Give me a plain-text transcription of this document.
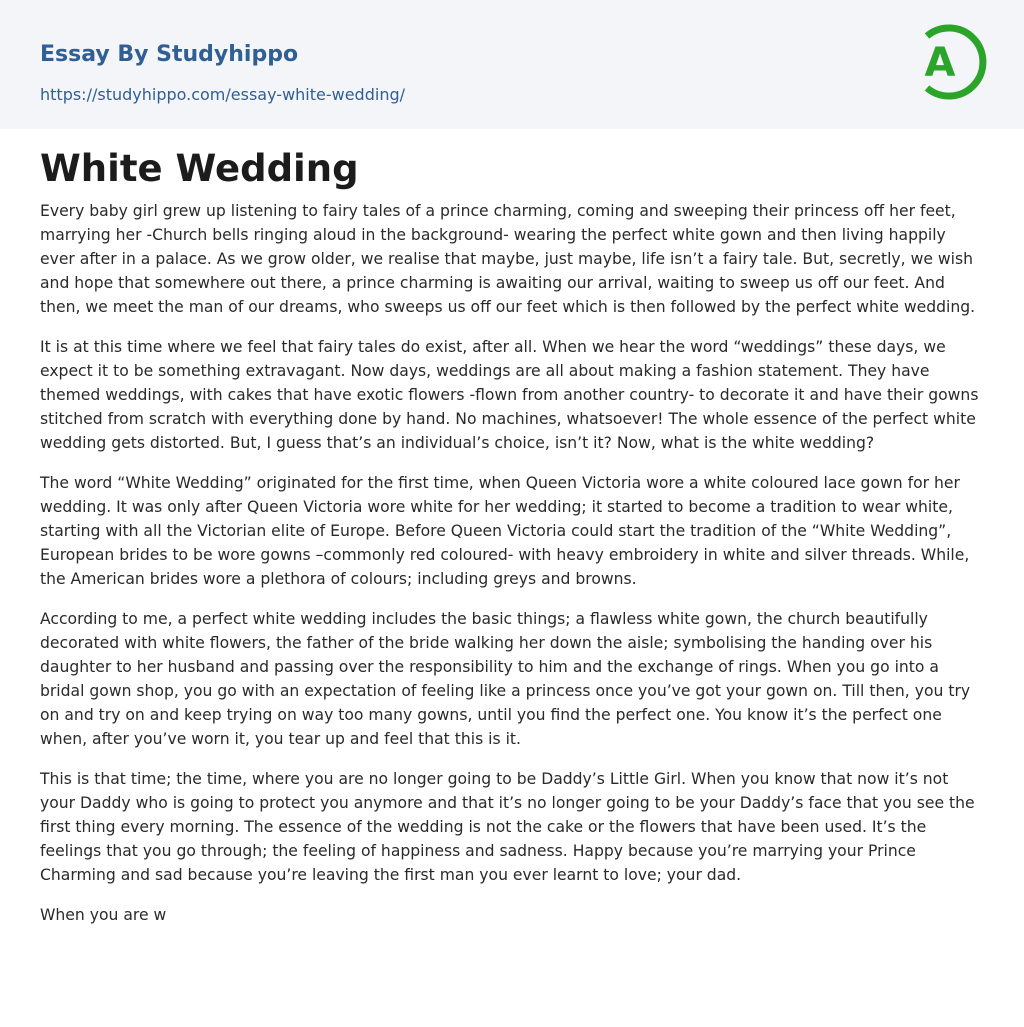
Essay By Studyhippo
https://studyhippo.com/essay-white-wedding/
A
White Wedding

Every baby girl grew up listening to fairy tales of a prince charming, coming and sweeping their princess off her feet, marrying her -Church bells ringing aloud in the background- wearing the perfect white gown and then living happily ever after in a palace. As we grow older, we realise that maybe, just maybe, life isn’t a fairy tale. But, secretly, we wish and hope that somewhere out there, a prince charming is awaiting our arrival, waiting to sweep us off our feet. And then, we meet the man of our dreams, who sweeps us off our feet which is then followed by the perfect white wedding.

It is at this time where we feel that fairy tales do exist, after all. When we hear the word “weddings” these days, we expect it to be something extravagant. Now days, weddings are all about making a fashion statement. They have themed weddings, with cakes that have exotic flowers -flown from another country- to decorate it and have their gowns stitched from scratch with everything done by hand. No machines, whatsoever! The whole essence of the perfect white wedding gets distorted. But, I guess that’s an individual’s choice, isn’t it? Now, what is the white wedding?

The word “White Wedding” originated for the first time, when Queen Victoria wore a white coloured lace gown for her wedding. It was only after Queen Victoria wore white for her wedding; it started to become a tradition to wear white, starting with all the Victorian elite of Europe. Before Queen Victoria could start the tradition of the “White Wedding”, European brides to be wore gowns –commonly red coloured- with heavy embroidery in white and silver threads. While, the American brides wore a plethora of colours; including greys and browns.

According to me, a perfect white wedding includes the basic things; a flawless white gown, the church beautifully decorated with white flowers, the father of the bride walking her down the aisle; symbolising the handing over his daughter to her husband and passing over the responsibility to him and the exchange of rings. When you go into a bridal gown shop, you go with an expectation of feeling like a princess once you’ve got your gown on. Till then, you try on and try on and keep trying on way too many gowns, until you find the perfect one. You know it’s the perfect one when, after you’ve worn it, you tear up and feel that this is it.

This is that time; the time, where you are no longer going to be Daddy’s Little Girl. When you know that now it’s not your Daddy who is going to protect you anymore and that it’s no longer going to be your Daddy’s face that you see the first thing every morning. The essence of the wedding is not the cake or the flowers that have been used. It’s the feelings that you go through; the feeling of happiness and sadness. Happy because you’re marrying your Prince Charming and sad because you’re leaving the first man you ever learnt to love; your dad.

When you are w
